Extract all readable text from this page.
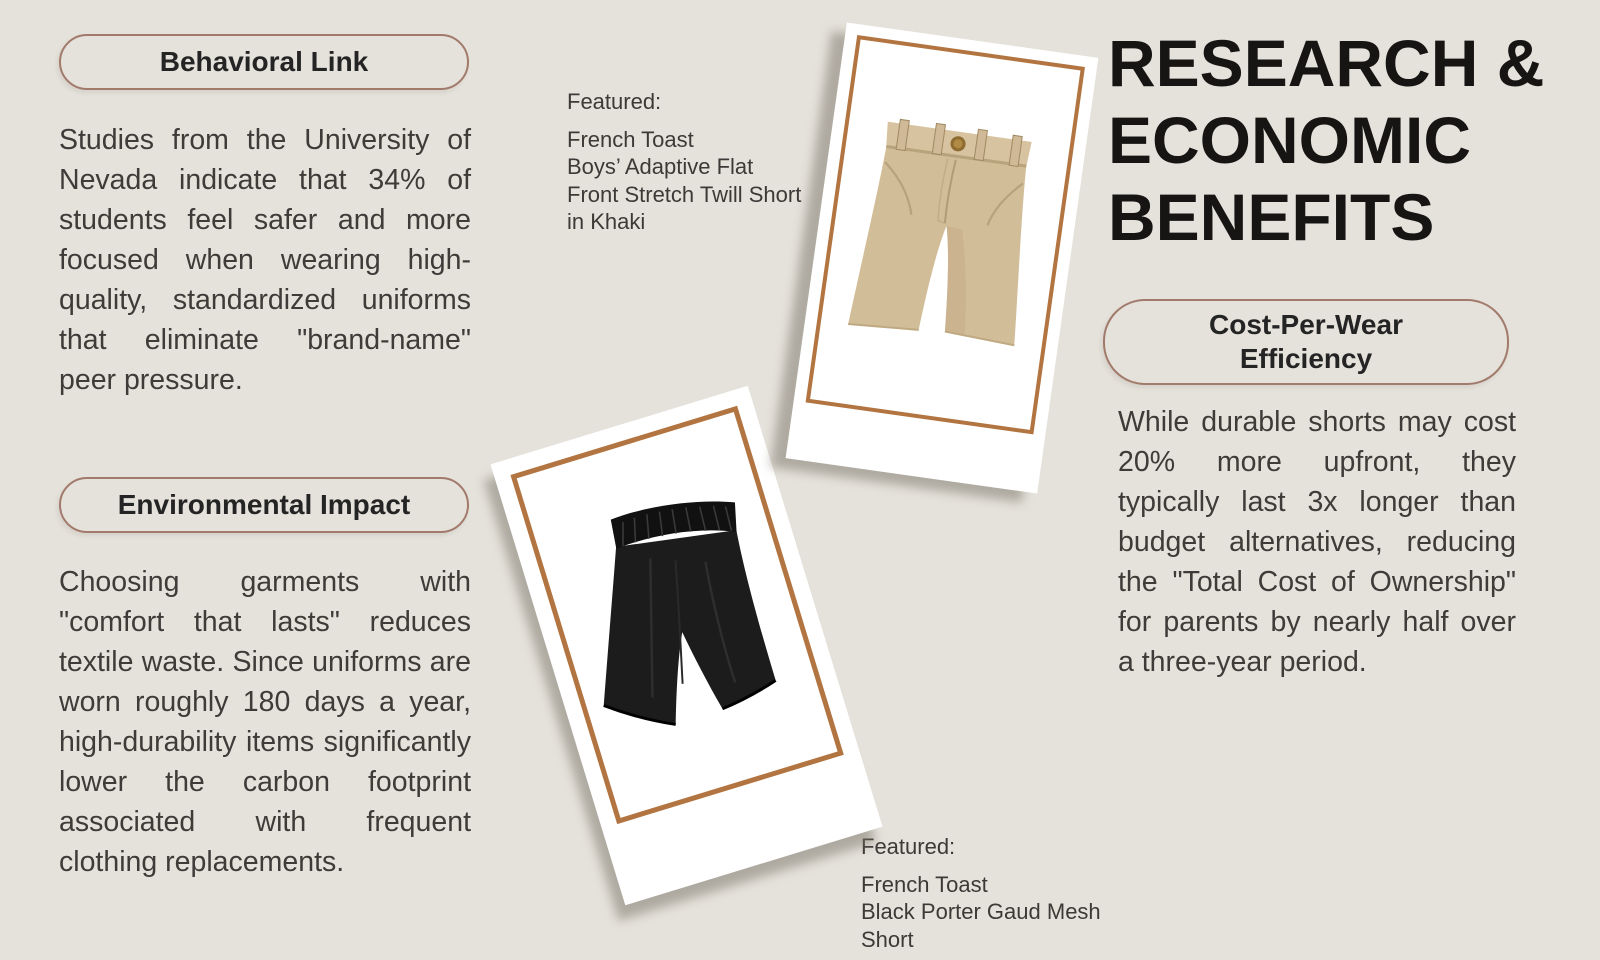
Behavioral Link

Studies from the University of Nevada indicate that 34% of students feel safer and more focused when wearing high-quality, standardized uniforms that eliminate "brand-name" peer pressure.

Environmental Impact

Choosing garments with "comfort that lasts" reduces textile waste. Since uniforms are worn roughly 180 days a year, high-durability items significantly lower the carbon footprint associated with frequent clothing replacements.

Featured:
French Toast
Boys’ Adaptive Flat
Front Stretch Twill Short
in Khaki
Featured:
French Toast
Black Porter Gaud Mesh
Short
RESEARCH &
ECONOMIC
BENEFITS
Cost-Per-Wear
Efficiency

While durable shorts may cost 20% more upfront, they typically last 3x longer than budget alternatives, reducing the "Total Cost of Ownership" for parents by nearly half over a three-year period.
